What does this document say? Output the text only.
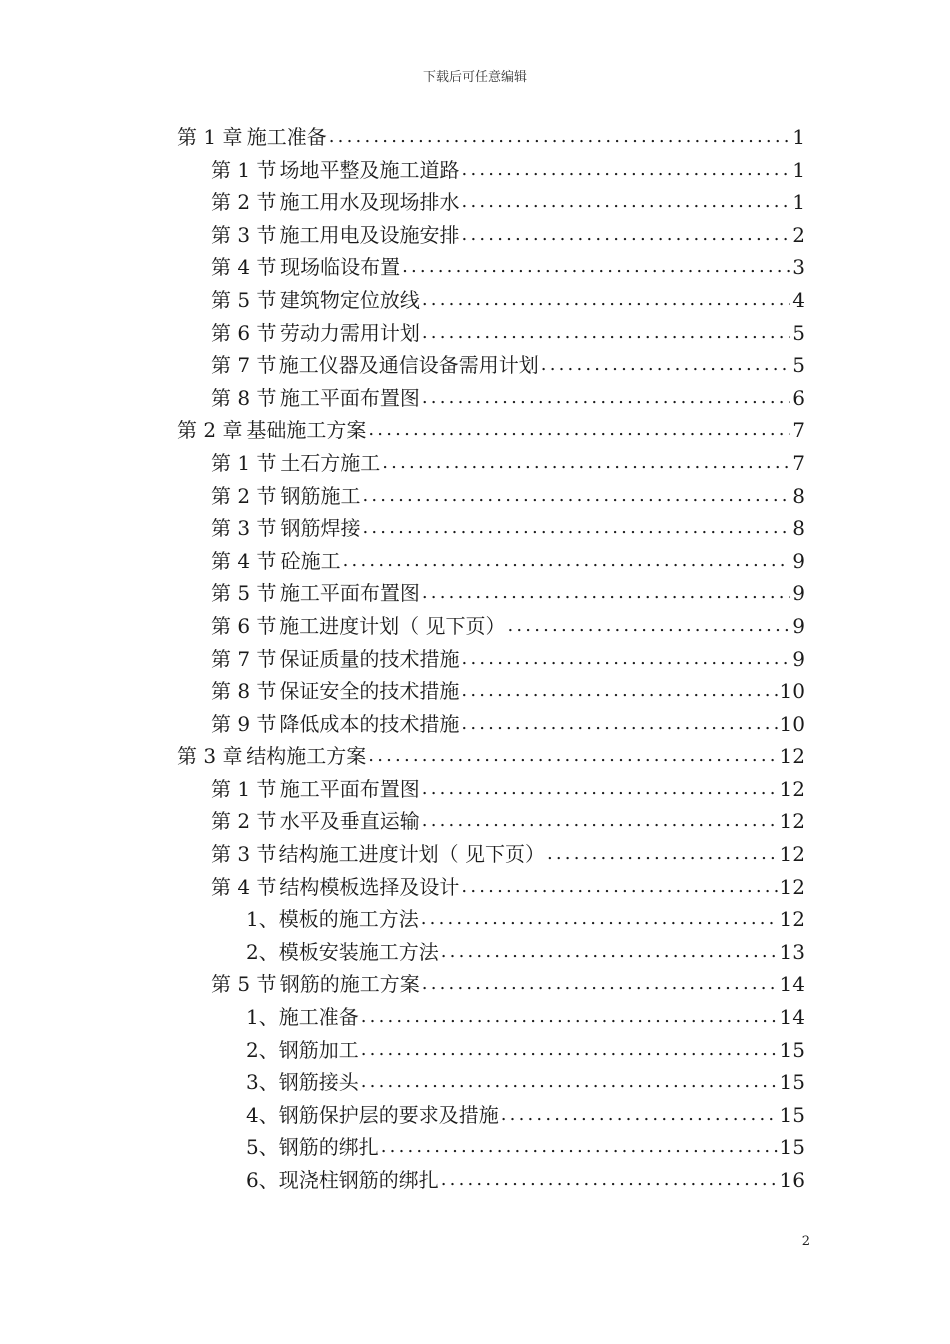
下载后可任意编辑
第 1 章 施工准备 .....	1
第 1 节 场地平整及施工道路 .....	1
第 2 节 施工用水及现场排水 .....	1
第 3 节 施工用电及设施安排 .....	2
第 4 节 现场临设布置 .....	3
第 5 节 建筑物定位放线 .....	4
第 6 节 劳动力需用计划 .....	5
第 7 节 施工仪器及通信设备需用计划 .....	5
第 8 节 施工平面布置图 .....	6
第 2 章 基础施工方案 .....	7
第 1 节 土石方施工 .....	7
第 2 节 钢筋施工 .....	8
第 3 节 钢筋焊接 .....	8
第 4 节 砼施工 .....	9
第 5 节 施工平面布置图 .....	9
第 6 节 施工进度计划（ 见下页） .....	9
第 7 节 保证质量的技术措施 .....	9
第 8 节 保证安全的技术措施 .....	10
第 9 节 降低成本的技术措施 .....	10
第 3 章 结构施工方案 .....	12
第 1 节 施工平面布置图 .....	12
第 2 节 水平及垂直运输 .....	12
第 3 节 结构施工进度计划（ 见下页） .....	12
第 4 节 结构模板选择及设计 .....	12
1、 模板的施工方法 .....	12
2、 模板安装施工方法 .....	13
第 5 节 钢筋的施工方案 .....	14
1、 施工准备 .....	14
2、 钢筋加工 .....	15
3、 钢筋接头 .....	15
4、 钢筋保护层的要求及措施 .....	15
5、 钢筋的绑扎 .....	15
6、 现浇柱钢筋的绑扎 .....	16
2
